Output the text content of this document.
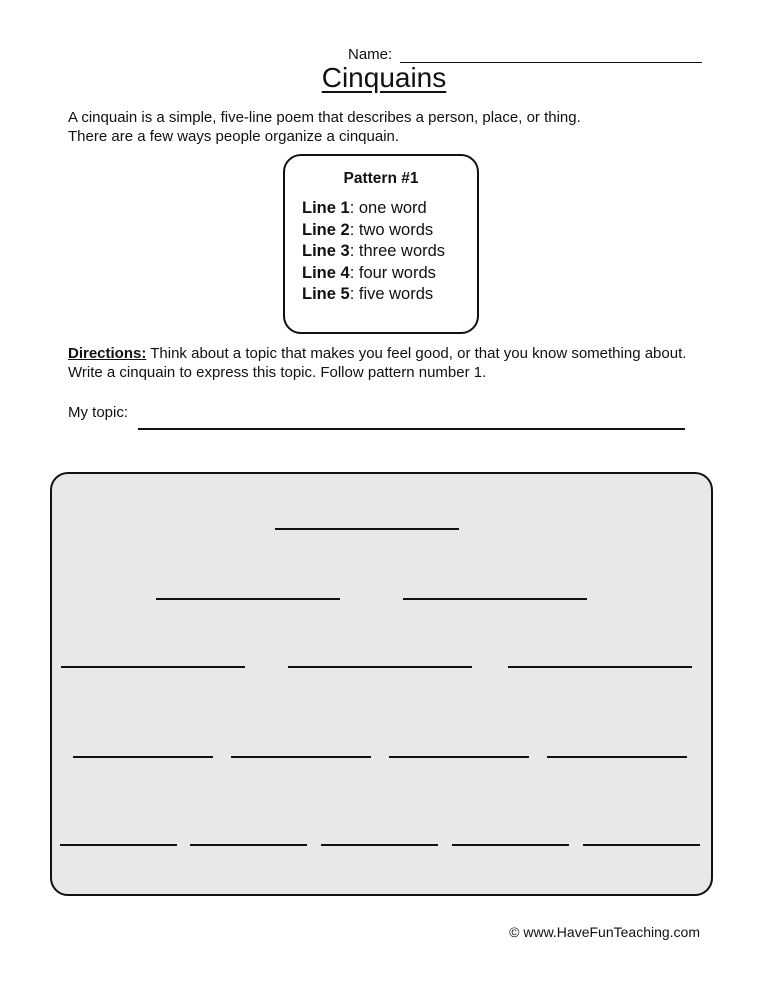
Name:
Cinquains
A cinquain is a simple, five-line poem that describes a person, place, or thing.
There are a few ways people organize a cinquain.
Pattern #1
Line 1: one word
Line 2: two words
Line 3: three words
Line 4: four words
Line 5: five words
Directions: Think about a topic that makes you feel good, or that you know something about. Write a cinquain to express this topic. Follow pattern number 1.
My topic:
© www.HaveFunTeaching.com
